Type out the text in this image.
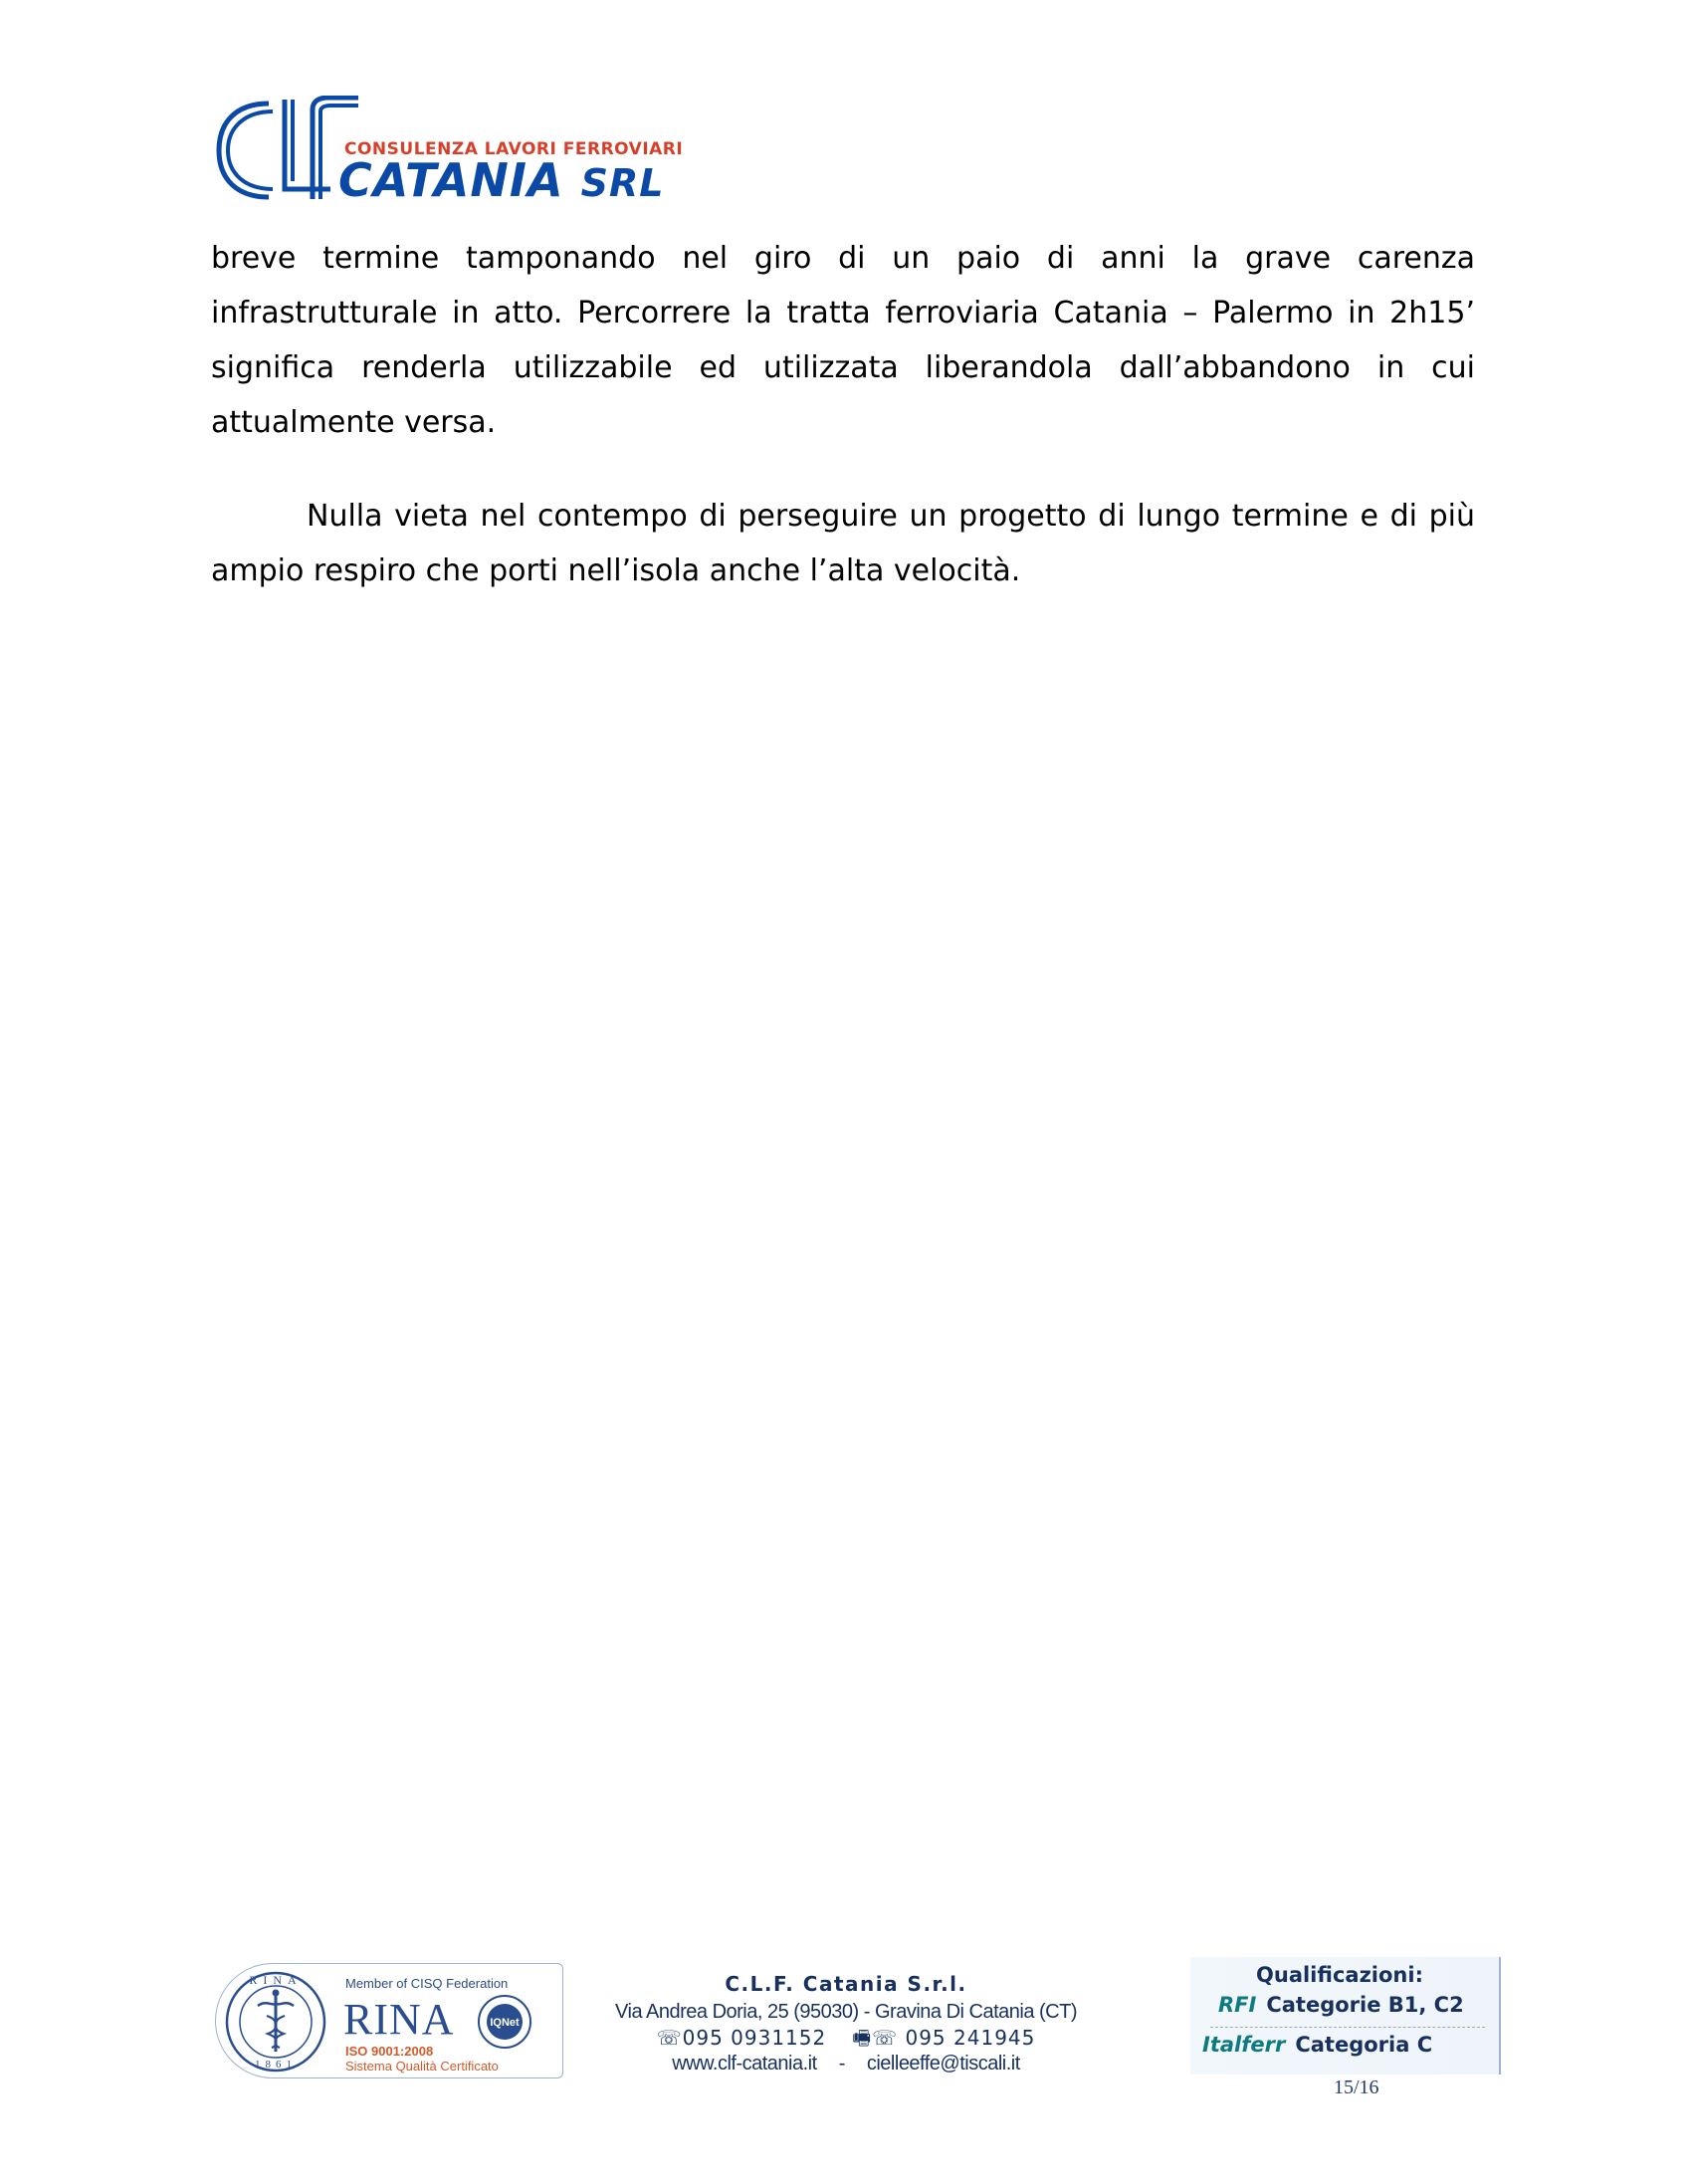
CONSULENZA LAVORI FERROVIARI
CATANIA SRL

breve termine tamponando nel giro di un paio di anni la grave carenza infrastrutturale in atto. Percorrere la tratta ferroviaria Catania – Palermo in 2h15’ significa renderla utilizzabile ed utilizzata liberandola dall’abbandono in cui attualmente versa.

Nulla vieta nel contempo di perseguire un progetto di lungo termine e di più ampio respiro che porti nell’isola anche l’alta velocità.

RINA
1861
Member of CISQ Federation
RINA
ISO 9001:2008
Sistema Qualità Certificato
IQNet
C.L.F. Catania S.r.l.
Via Andrea Doria, 25 (95030) - Gravina Di Catania (CT)
☏095 0931152 🖷☏ 095 241945
www.clf-catania.it - cielleeffe@tiscali.it
Qualificazioni:
RFI Categorie B1, C2
Italferr Categoria C
15/16
